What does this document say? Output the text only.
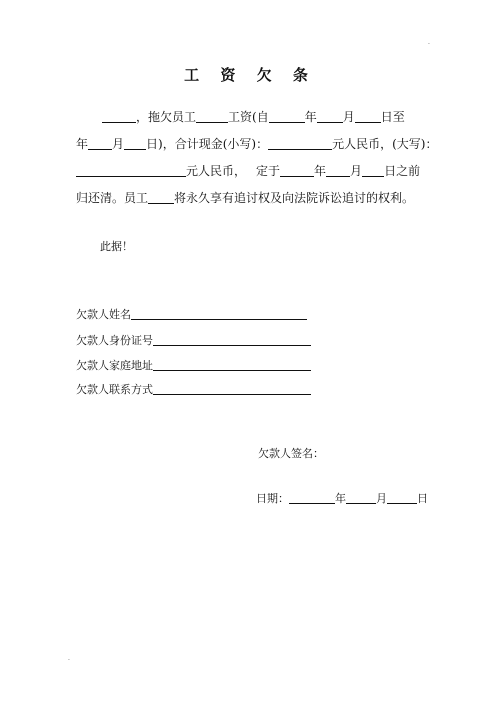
.
工 资 欠 条
，拖欠员工	工资(自	年 月 日至
年 月 日)，合计现金(小写)：	元人民币，(大写)：
元人民币， 定于	年 月 日之前
归还清。员工 将永久享有追讨权及向法院诉讼追讨的权利。
此据！
欠款人姓名
欠款人身份证号
欠款人家庭地址
欠款人联系方式
欠款人签名：
日期：	年	月	日
.
